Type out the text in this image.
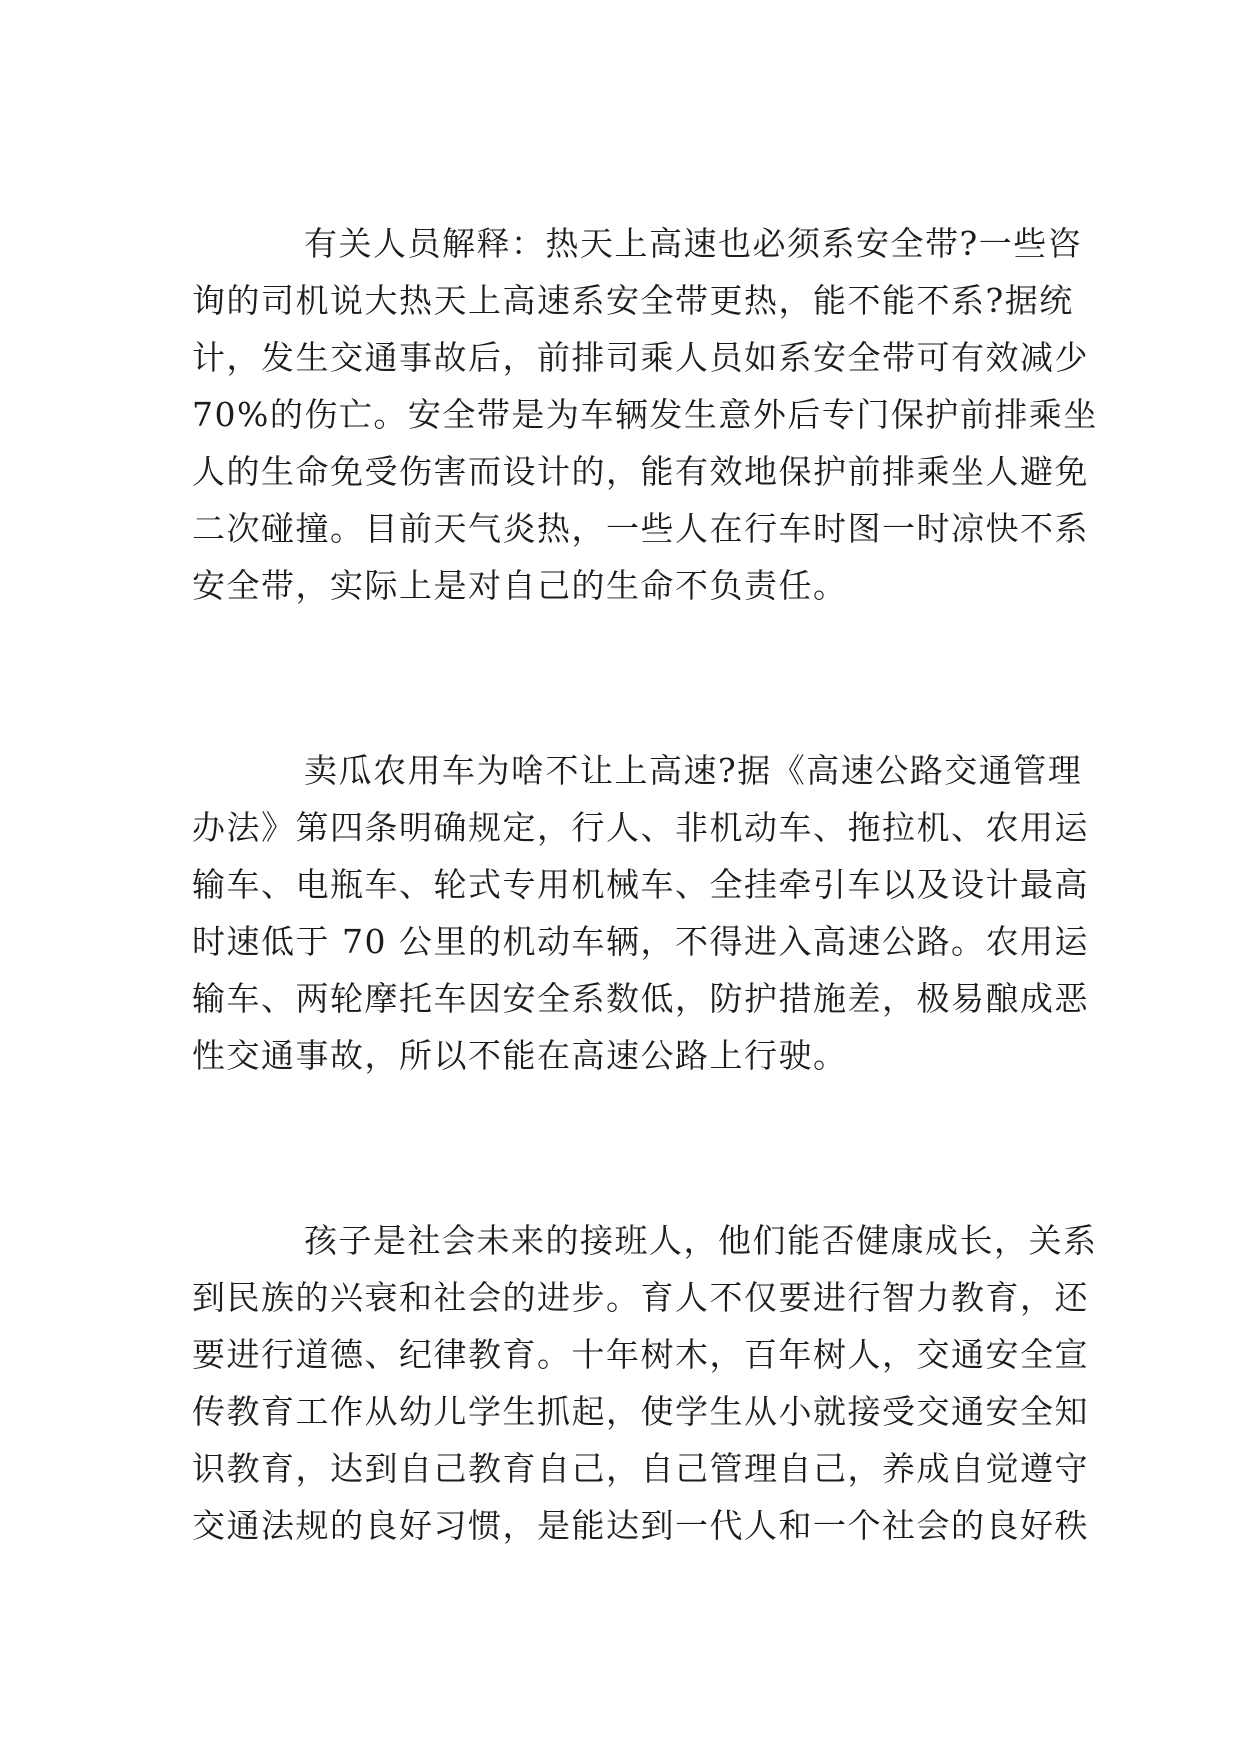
有关人员解释：热天上高速也必须系安全带?一些咨
询的司机说大热天上高速系安全带更热，能不能不系?据统
计，发生交通事故后，前排司乘人员如系安全带可有效减少
70%的伤亡。安全带是为车辆发生意外后专门保护前排乘坐
人的生命免受伤害而设计的，能有效地保护前排乘坐人避免
二次碰撞。目前天气炎热，一些人在行车时图一时凉快不系
安全带，实际上是对自己的生命不负责任。
卖瓜农用车为啥不让上高速?据《高速公路交通管理
办法》第四条明确规定，行人、非机动车、拖拉机、农用运
输车、电瓶车、轮式专用机械车、全挂牵引车以及设计最高
时速低于 70 公里的机动车辆，不得进入高速公路。农用运
输车、两轮摩托车因安全系数低，防护措施差，极易酿成恶
性交通事故，所以不能在高速公路上行驶。
孩子是社会未来的接班人，他们能否健康成长，关系
到民族的兴衰和社会的进步。育人不仅要进行智力教育，还
要进行道德、纪律教育。十年树木，百年树人，交通安全宣
传教育工作从幼儿学生抓起，使学生从小就接受交通安全知
识教育，达到自己教育自己，自己管理自己，养成自觉遵守
交通法规的良好习惯，是能达到一代人和一个社会的良好秩
